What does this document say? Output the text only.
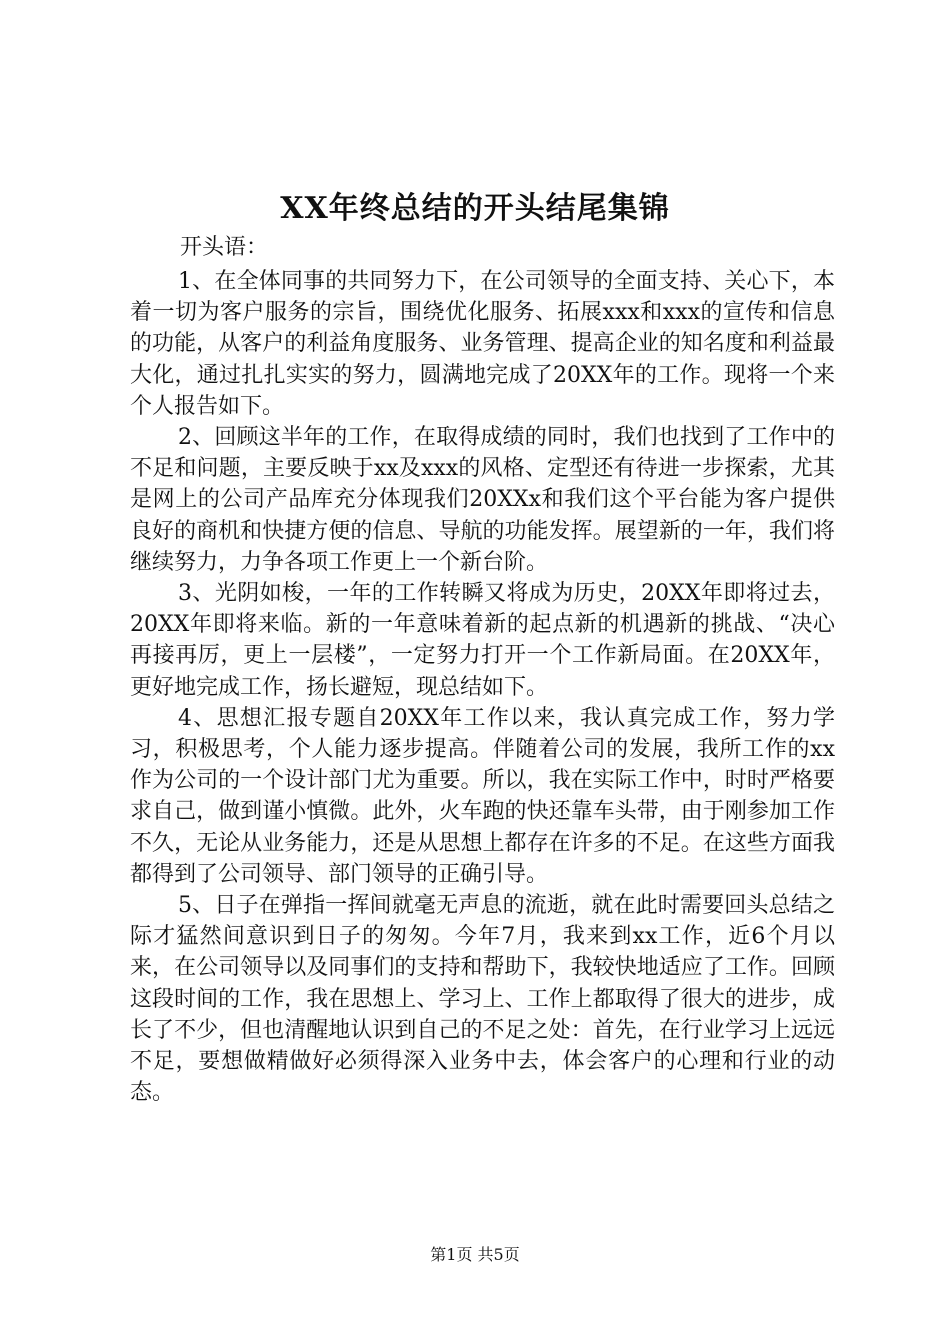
XX年终总结的开头结尾集锦

开头语：

1、在全体同事的共同努力下，在公司领导的全面支持、关心下，本着一切为客户服务的宗旨，围绕优化服务、拓展xxx和xxx的宣传和信息的功能，从客户的利益角度服务、业务管理、提高企业的知名度和利益最大化，通过扎扎实实的努力，圆满地完成了20XX年的工作。现将一个来个人报告如下。

2、回顾这半年的工作，在取得成绩的同时，我们也找到了工作中的不足和问题，主要反映于xx及xxx的风格、定型还有待进一步探索，尤其是网上的公司产品库充分体现我们20XXx和我们这个平台能为客户提供良好的商机和快捷方便的信息、导航的功能发挥。展望新的一年，我们将继续努力，力争各项工作更上一个新台阶。

3、光阴如梭，一年的工作转瞬又将成为历史，20XX年即将过去，20XX年即将来临。新的一年意味着新的起点新的机遇新的挑战、“决心再接再厉，更上一层楼”，一定努力打开一个工作新局面。在20XX年，更好地完成工作，扬长避短，现总结如下。

4、思想汇报专题自20XX年工作以来，我认真完成工作，努力学习，积极思考，个人能力逐步提高。伴随着公司的发展，我所工作的xx作为公司的一个设计部门尤为重要。所以，我在实际工作中，时时严格要求自己，做到谨小慎微。此外，火车跑的快还靠车头带，由于刚参加工作不久，无论从业务能力，还是从思想上都存在许多的不足。在这些方面我都得到了公司领导、部门领导的正确引导。

5、日子在弹指一挥间就毫无声息的流逝，就在此时需要回头总结之际才猛然间意识到日子的匆匆。今年7月，我来到xx工作，近6个月以来，在公司领导以及同事们的支持和帮助下，我较快地适应了工作。回顾这段时间的工作，我在思想上、学习上、工作上都取得了很大的进步，成长了不少，但也清醒地认识到自己的不足之处：首先，在行业学习上远远不足，要想做精做好必须得深入业务中去，体会客户的心理和行业的动态。

第1页 共5页
